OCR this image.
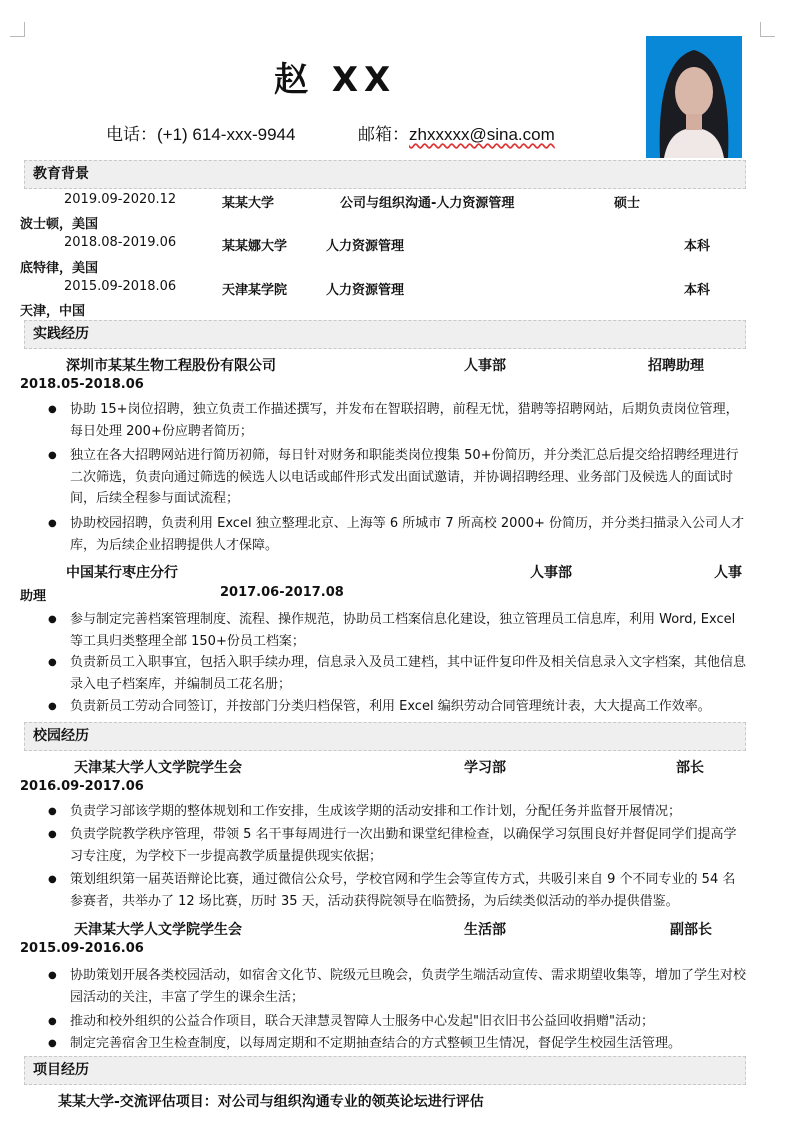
赵 XX
电话：(+1) 614-xxx-9944	邮箱：zhxxxxx@sina.com
教育背景
2019.09-2020.12	某某大学	公司与组织沟通-人力资源管理	硕士
波士顿，美国
2018.08-2019.06	某某娜大学	人力资源管理	本科
底特律，美国
2015.09-2018.06	天津某学院	人力资源管理	本科
天津，中国
实践经历
深圳市某某生物工程股份有限公司	人事部	招聘助理
2018.05-2018.06
● 协助 15+岗位招聘，独立负责工作描述撰写，并发布在智联招聘，前程无忧，猎聘等招聘网站，后期负责岗位管理，每日处理 200+份应聘者简历；
● 独立在各大招聘网站进行简历初筛，每日针对财务和职能类岗位搜集 50+份简历，并分类汇总后提交给招聘经理进行二次筛选，负责向通过筛选的候选人以电话或邮件形式发出面试邀请，并协调招聘经理、业务部门及候选人的面试时间，后续全程参与面试流程；
● 协助校园招聘，负责利用 Excel 独立整理北京、上海等 6 所城市 7 所高校 2000+ 份简历，并分类扫描录入公司人才库，为后续企业招聘提供人才保障。
中国某行枣庄分行	人事部	人事
助理	2017.06-2017.08
● 参与制定完善档案管理制度、流程、操作规范，协助员工档案信息化建设，独立管理员工信息库，利用 Word, Excel 等工具归类整理全部 150+份员工档案；
● 负责新员工入职事宜，包括入职手续办理，信息录入及员工建档，其中证件复印件及相关信息录入文字档案，其他信息录入电子档案库，并编制员工花名册；
● 负责新员工劳动合同签订，并按部门分类归档保管，利用 Excel 编织劳动合同管理统计表，大大提高工作效率。
校园经历
天津某大学人文学院学生会	学习部	部长
2016.09-2017.06
● 负责学习部该学期的整体规划和工作安排，生成该学期的活动安排和工作计划，分配任务并监督开展情况；
● 负责学院教学秩序管理，带领 5 名干事每周进行一次出勤和课堂纪律检查，以确保学习氛围良好并督促同学们提高学习专注度，为学校下一步提高教学质量提供现实依据；
● 策划组织第一届英语辩论比赛，通过微信公众号，学校官网和学生会等宣传方式，共吸引来自 9 个不同专业的 54 名参赛者，共举办了 12 场比赛，历时 35 天，活动获得院领导在临赞扬，为后续类似活动的举办提供借鉴。
天津某大学人文学院学生会	生活部	副部长
2015.09-2016.06
● 协助策划开展各类校园活动，如宿舍文化节、院级元旦晚会，负责学生端活动宣传、需求期望收集等，增加了学生对校园活动的关注，丰富了学生的课余生活；
● 推动和校外组织的公益合作项目，联合天津慧灵智障人士服务中心发起"旧衣旧书公益回收捐赠"活动；
● 制定完善宿舍卫生检查制度，以每周定期和不定期抽查结合的方式整顿卫生情况，督促学生校园生活管理。
项目经历
某某大学-交流评估项目：对公司与组织沟通专业的领英论坛进行评估
